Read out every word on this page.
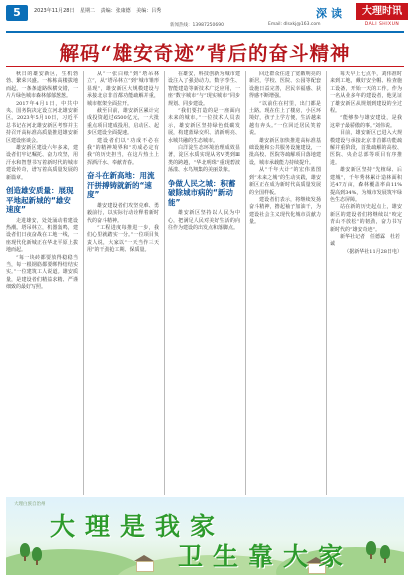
5	2023年11月28日 星期二 责编：张康德 美编：吕秀
新闻热线：13987250690	Email: dlsxkj@163.com
深读	大理时讯
DALI SHIXUN
解码“雄安奇迹”背后的奋斗精神

秋日的雄安新区，生机勃勃、繁荣兴盛。一栋栋高楼拔地而起，一条条道路纵横交错，一片片绿色城市森林郁郁葱葱。

2017年4月1日，中共中央、国务院决定设立河北雄安新区。2023年5月10日，习近平总书记在河北雄安新区考察并主持召开高标准高质量推进雄安新区建设座谈会。

雄安新区建设六年多来，建设者们牢记嘱托、奋力攻坚，用汗水和智慧书写着新时代的城市建设传奇，谱写着高质量发展的新篇章。

创造雄安质量：展现平地起新城的“雄安速度”

走进雄安，处处涌动着建设热潮。塔吊林立，机器轰鸣，建设者们日夜奋战在工地一线，一座现代化新城正在华北平原上拔地而起。

“每一块砖都要放得稳稳当当，每一根钢筋都要绑得结结实实。”一位建筑工人说道。雄安质量，是建设者们精益求精、严谨细致的最好写照。

从“一张白纸”到“塔吊林立”，从“塔吊林立”到“城市雏形显现”，雄安新区大规模建设与承接北京非首都功能疏解并重，城市框架全面拉开。

截至目前，雄安新区累计完成投资超过6500亿元，一大批重点项目建成投用，启动区、起步区建设全面提速。

建设者们以“功成不必在我”的精神境界和“功成必定有我”的历史担当，在这片热土上挥洒汗水、奉献青春。

奋斗在新高地：用流汗拼搏铸就新的“速度”

雄安建设者们攻坚克难、勇毅前行，以实际行动诠释着新时代的奋斗精神。

“工程进度每推进一步，我们心里就踏实一分。”一位项目负责人说，大家以“一天当作三天用”的干劲抢工期、保质量。

在雄安，科技创新为城市建设注入了强劲动力。数字孪生、智能建造等新技术广泛应用，一座“数字城市”与“现实城市”同步规划、同步建设。

“我们要打造的是一座面向未来的城市。”一位技术人员表示，雄安新区坚持绿色低碳发展，构建蓝绿交织、清新明亮、水城共融的生态城市。

白洋淀生态环境治理成效显著，淀区水质实现从劣Ⅴ类到Ⅲ类的跨越，“华北明珠”重现碧波荡漾、水鸟翔集的美丽景象。

争做人民之城：积蓄破除城市病的“新动能”

雄安新区坚持以人民为中心，把满足人民对美好生活的向往作为建设的出发点和落脚点。

回迁群众住进了宽敞明亮的新居，学校、医院、公园等配套设施日益完善，居民幸福感、获得感不断增强。

“以前住在村里，出门都是土路。现在住上了楼房，小区环境好，孩子上学方便，生活越来越有奔头。”一位回迁居民笑着说。

雄安新区加快推进高标准基础设施和公共服务设施建设，一批高校、医院等疏解项目落地建设，城市承载能力持续提升。

从“千年大计”的宏伟蓝图到“未来之城”的生动实践，雄安新区正在成为新时代高质量发展的全国样板。

建设者们表示，将继续发扬奋斗精神，撸起袖子加油干，为建设社会主义现代化城市贡献力量。

每天早上七点半，刘伟准时来到工地，戴好安全帽、检查施工设备，开始一天的工作。作为一名从业多年的建设者，他见证了雄安新区从规划到建设的全过程。

“能够参与雄安建设，是我这辈子最骄傲的事。”刘伟说。

目前，雄安新区已进入大规模建设与承接北京非首都功能疏解并重阶段，首批疏解的高校、医院、央企总部等项目有序推进。

雄安新区坚持“先植绿、后建城”，千年秀林累计造林面积达47万亩，森林覆盖率由11%提高到34%，为城市发展筑牢绿色生态屏障。

站在新的历史起点上，雄安新区的建设者们将继续以“咬定青山不放松”的韧劲，奋力书写新时代的“雄安奇迹”。

新华社记者　任德霖　杜若诚
（据新华社11月28日电）
大理白族自治州
大理是我家
卫生靠大家
